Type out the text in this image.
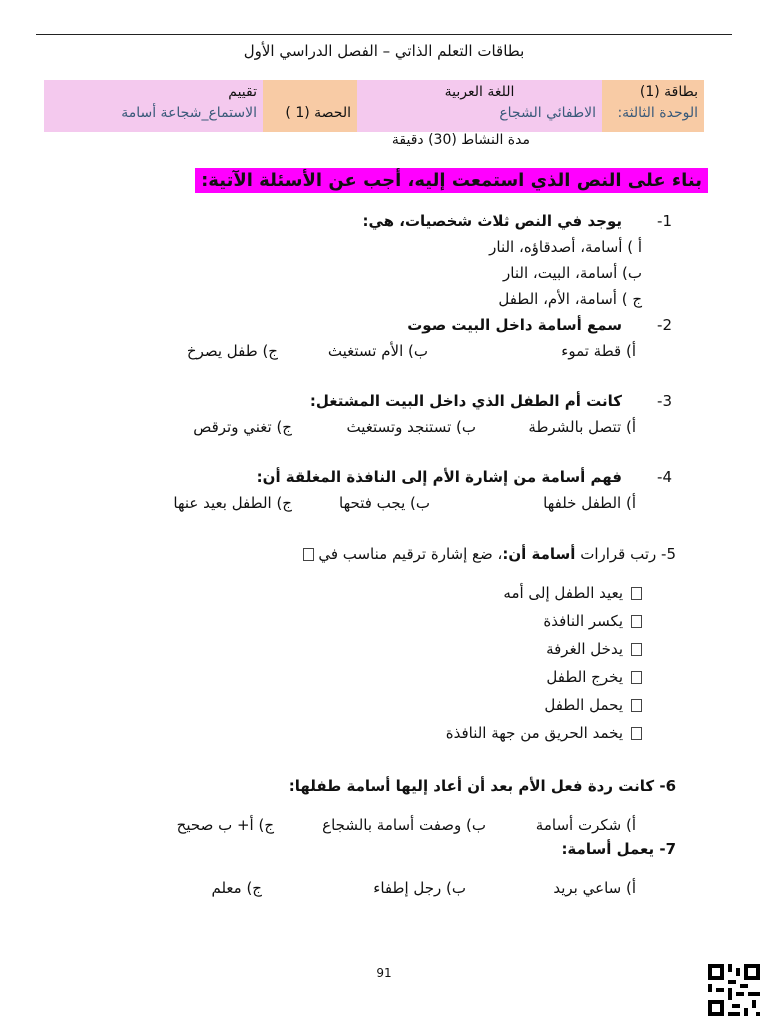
بطاقات التعلم الذاتي – الفصل الدراسي الأول
بطاقة (1)
الوحدة الثالثة:
اللغة العربية
الاطفائي الشجاع
الحصة (1 )
تقييم
الاستماع_شجاعة أسامة
مدة النشاط (30) دقيقة
بناء على النص الذي استمعت إليه، أجب عن الأسئلة الآتية:
1-
يوجد في النص ثلاث شخصيات، هي:
أ ) أسامة، أصدقاؤه، النار
ب) أسامة، البيت، النار
ج ) أسامة، الأم، الطفل
2-
سمع أسامة داخل البيت صوت
أ) قطة تموء
ب) الأم تستغيث
ج) طفل يصرخ
3-
كانت أم الطفل الذي داخل البيت المشتغل:
أ) تتصل بالشرطة
ب) تستنجد وتستغيث
ج) تغني وترقص
4-
فهم أسامة من إشارة الأم إلى النافذة المغلقة أن:
أ) الطفل خلفها
ب) يجب فتحها
ج) الطفل بعيد عنها
5- رتب قرارات أسامة أن:، ضع إشارة ترقيم مناسب في
يعيد الطفل إلى أمه
يكسر النافذة
يدخل الغرفة
يخرج الطفل
يحمل الطفل
يخمد الحريق من جهة النافذة
6- كانت ردة فعل الأم بعد أن أعاد إليها أسامة طفلها:
أ) شكرت أسامة
ب) وصفت أسامة بالشجاع
ج) أ+ ب صحيح
7- يعمل أسامة:
أ) ساعي بريد
ب) رجل إطفاء
ج) معلم
91
